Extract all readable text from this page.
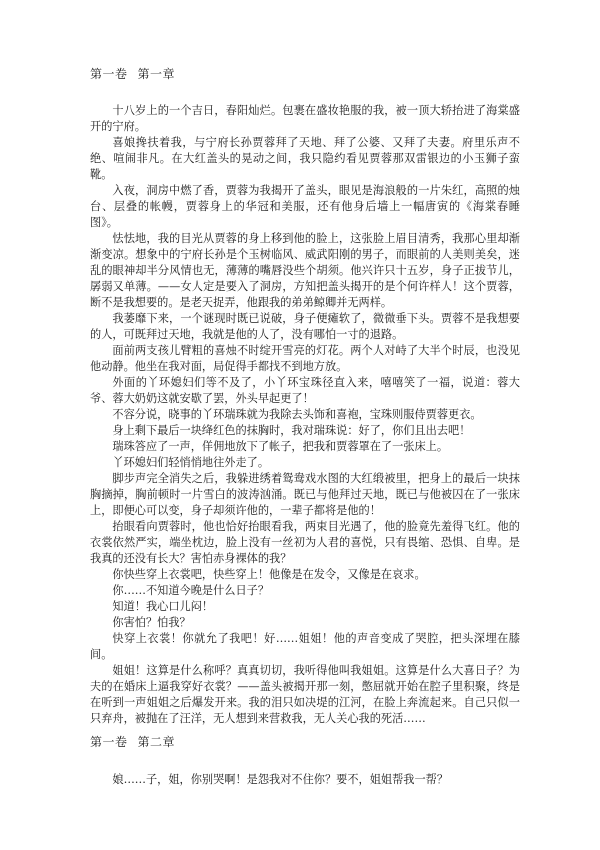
第一卷 第一章

十八岁上的一个吉日，春阳灿烂。包裹在盛妆艳服的我，被一顶大轿抬进了海棠盛开的宁府。

喜娘搀扶着我，与宁府长孙贾蓉拜了天地、拜了公婆、又拜了夫妻。府里乐声不绝、喧闹非凡。在大红盖头的晃动之间，我只隐约看见贾蓉那双雷银边的小玉狮子蛮靴。

入夜，洞房中燃了香，贾蓉为我揭开了盖头，眼见是海浪般的一片朱红，高照的烛台、层叠的帐幔，贾蓉身上的华冠和美服，还有他身后墙上一幅唐寅的《海棠春睡图》。

怯怯地，我的目光从贾蓉的身上移到他的脸上，这张脸上眉目清秀，我那心里却渐渐变凉。想象中的宁府长孙是个玉树临风、威武阳刚的男子，而眼前的人美则美矣，迷乱的眼神却半分风情也无，薄薄的嘴唇没些个胡须。他兴许只十五岁，身子正拔节儿，孱弱又单薄。——女人定是要入了洞房，方知把盖头揭开的是个何许样人！这个贾蓉，断不是我想要的。是老天捉弄，他跟我的弟弟鲸卿并无两样。

我萎靡下来，一个谜现时既已说破，身子便瘫软了，微微垂下头。贾蓉不是我想要的人，可既拜过天地，我就是他的人了，没有哪怕一寸的退路。

面前两支孩儿臂粗的喜烛不时绽开雪亮的灯花。两个人对峙了大半个时辰，也没见他动静。他坐在我对面，局促得手都找不到地方放。

外面的丫环媳妇们等不及了，小丫环宝珠径直入来，嘻嘻笑了一福，说道：蓉大爷、蓉大奶奶这就安歇了罢，外头早起更了！

不容分说，晓事的丫环瑞珠就为我除去头饰和喜袍，宝珠则服侍贾蓉更衣。

身上剩下最后一块绛红色的抹胸时，我对瑞珠说：好了，你们且出去吧！

瑞珠答应了一声，佯佣地放下了帐子，把我和贾蓉罩在了一张床上。

丫环媳妇们轻悄悄地往外走了。

脚步声完全消失之后，我躲进绣着鸳鸯戏水图的大红缎被里，把身上的最后一块抹胸摘掉，胸前顿时一片雪白的波涛汹涌。既已与他拜过天地，既已与他被囚在了一张床上，即便心可以变，身子却须许他的，一辈子都将是他的！

抬眼看向贾蓉时，他也恰好抬眼看我，两束目光遇了，他的脸竟先羞得飞红。他的衣裳依然严实，端坐枕边，脸上没有一丝初为人君的喜悦，只有畏缩、恐惧、自卑。是我真的还没有长大？害怕赤身裸体的我？

你快些穿上衣裳吧，快些穿上！他像是在发令，又像是在哀求。

你……不知道今晚是什么日子？

知道！我心口儿闷！

你害怕？怕我？

快穿上衣裳！你就允了我吧！好……姐姐！他的声音变成了哭腔，把头深埋在膝间。

姐姐！这算是什么称呼？真真切切，我听得他叫我姐姐。这算是什么大喜日子？为夫的在婚床上逼我穿好衣裳？——盖头被揭开那一刻，憋屈就开始在腔子里积聚，终是在听到一声姐姐之后爆发开来。我的泪只如决堤的江河，在脸上奔流起来。自己只似一只弃舟，被抛在了汪洋，无人想到来营救我，无人关心我的死活……

第一卷 第二章

娘……子，姐，你别哭啊！是怨我对不住你？要不，姐姐帮我一帮？
